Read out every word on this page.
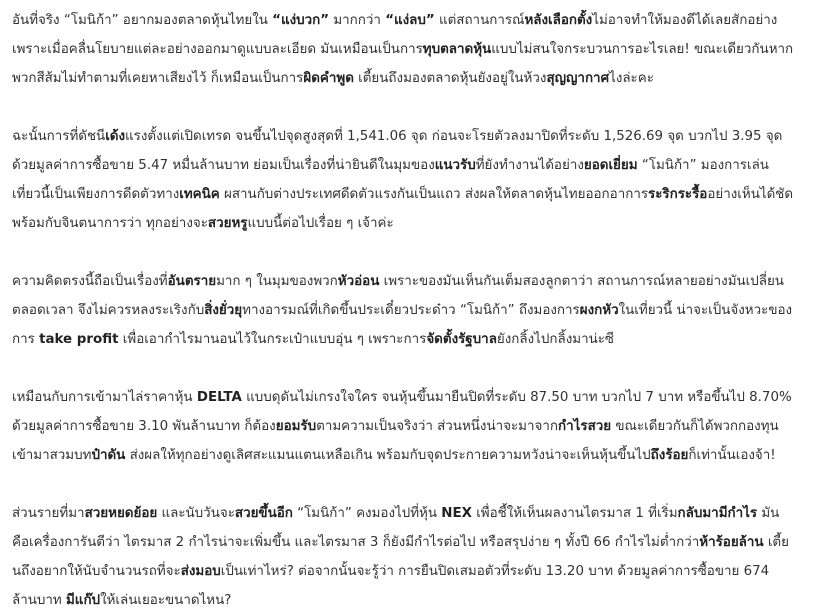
อันที่จริง “โมนิก้า” อยากมองตลาดหุ้นไทยใน “แง่บวก” มากกว่า “แง่ลบ” แต่สถานการณ์หลังเลือกตั้งไม่อาจทำให้มองดีได้เลยสักอย่าง เพราะเมื่อคลื่นโยบายแต่ละอย่างออกมาดูแบบละเอียด มันเหมือนเป็นการทุบตลาดหุ้นแบบไม่สนใจกระบวนการอะไรเลย! ขณะเดียวกันหากพวกสีส้มไม่ทำตามที่เคยหาเสียงไว้ ก็เหมือนเป็นการผิดคำพูด เตี้ยนถึงมองตลาดหุ้นยังอยู่ในห้วงสุญญากาศไงล่ะคะ

ฉะนั้นการที่ดัชนีเด้งแรงตั้งแต่เปิดเทรด จนขึ้นไปจุดสูงสุดที่ 1,541.06 จุด ก่อนจะโรยตัวลงมาปิดที่ระดับ 1,526.69 จุด บวกไป 3.95 จุด ด้วยมูลค่าการซื้อขาย 5.47 หมื่นล้านบาท ย่อมเป็นเรื่องที่น่ายินดีในมุมของแนวรับที่ยังทำงานได้อย่างยอดเยี่ยม “โมนิก้า” มองการเล่นเที่ยวนี้เป็นเพียงการดีดตัวทางเทคนิค ผสานกับต่างประเทศดีดตัวแรงกันเป็นแถว ส่งผลให้ตลาดหุ้นไทยออกอาการระริกระรื้ออย่างเห็นได้ชัด พร้อมกับจินตนาการว่า ทุกอย่างจะสวยหรูแบบนี้ต่อไปเรื่อย ๆ เจ้าค่ะ

ความคิดตรงนี้ถือเป็นเรื่องที่อันตรายมาก ๆ ในมุมของพวกหัวอ่อน เพราะของมันเห็นกันเต็มสองลูกตาว่า สถานการณ์หลายอย่างมันเปลี่ยนตลอดเวลา จึงไม่ควรหลงระเริงกับสิ่งยั่วยุทางอารมณ์ที่เกิดขึ้นประเดี๋ยวประด๋าว “โมนิก้า” ถึงมองการผงกหัวในเที่ยวนี้ น่าจะเป็นจังหวะของการ take profit เพื่อเอากำไรมานอนไว้ในกระเป๋าแบบอุ่น ๆ เพราะการจัดตั้งรัฐบาลยังกลิ้งไปกลิ้งมาน่ะซี

เหมือนกับการเข้ามาไล่ราคาหุ้น DELTA แบบดุดันไม่เกรงใจใคร จนหุ้นขึ้นมายืนปิดที่ระดับ 87.50 บาท บวกไป 7 บาท หรือขึ้นไป 8.70% ด้วยมูลค่าการซื้อขาย 3.10 พันล้านบาท ก็ต้องยอมรับตามความเป็นจริงว่า ส่วนหนึ่งน่าจะมาจากกำไรสวย ขณะเดียวกันก็ได้พวกกองทุนเข้ามาสวมบทป๋าดัน ส่งผลให้ทุกอย่างดูเลิศสะแมนแตนเหลือเกิน พร้อมกับจุดประกายความหวังน่าจะเห็นหุ้นขึ้นไปถึงร้อยก็เท่านั้นเองจ้า!

ส่วนรายที่มาสวยหยดย้อย และนับวันจะสวยขึ้นอีก “โมนิก้า” คงมองไปที่หุ้น NEX เพื่อชี้ให้เห็นผลงานไตรมาส 1 ที่เริ่มกลับมามีกำไร มันคือเครื่องการันตีว่า ไตรมาส 2 กำไรน่าจะเพิ่มขึ้น และไตรมาส 3 ก็ยังมีกำไรต่อไป หรือสรุปง่าย ๆ ทั้งปี 66 กำไรไม่ต่ำกว่าห้าร้อยล้าน เตี้ยนถึงอยากให้นับจำนวนรถที่จะส่งมอบเป็นเท่าไหร่? ต่อจากนั้นจะรู้ว่า การยืนปิดเสมอตัวที่ระดับ 13.20 บาท ด้วยมูลค่าการซื้อขาย 674 ล้านบาท มีแก๊ปให้เล่นเยอะขนาดไหน?
